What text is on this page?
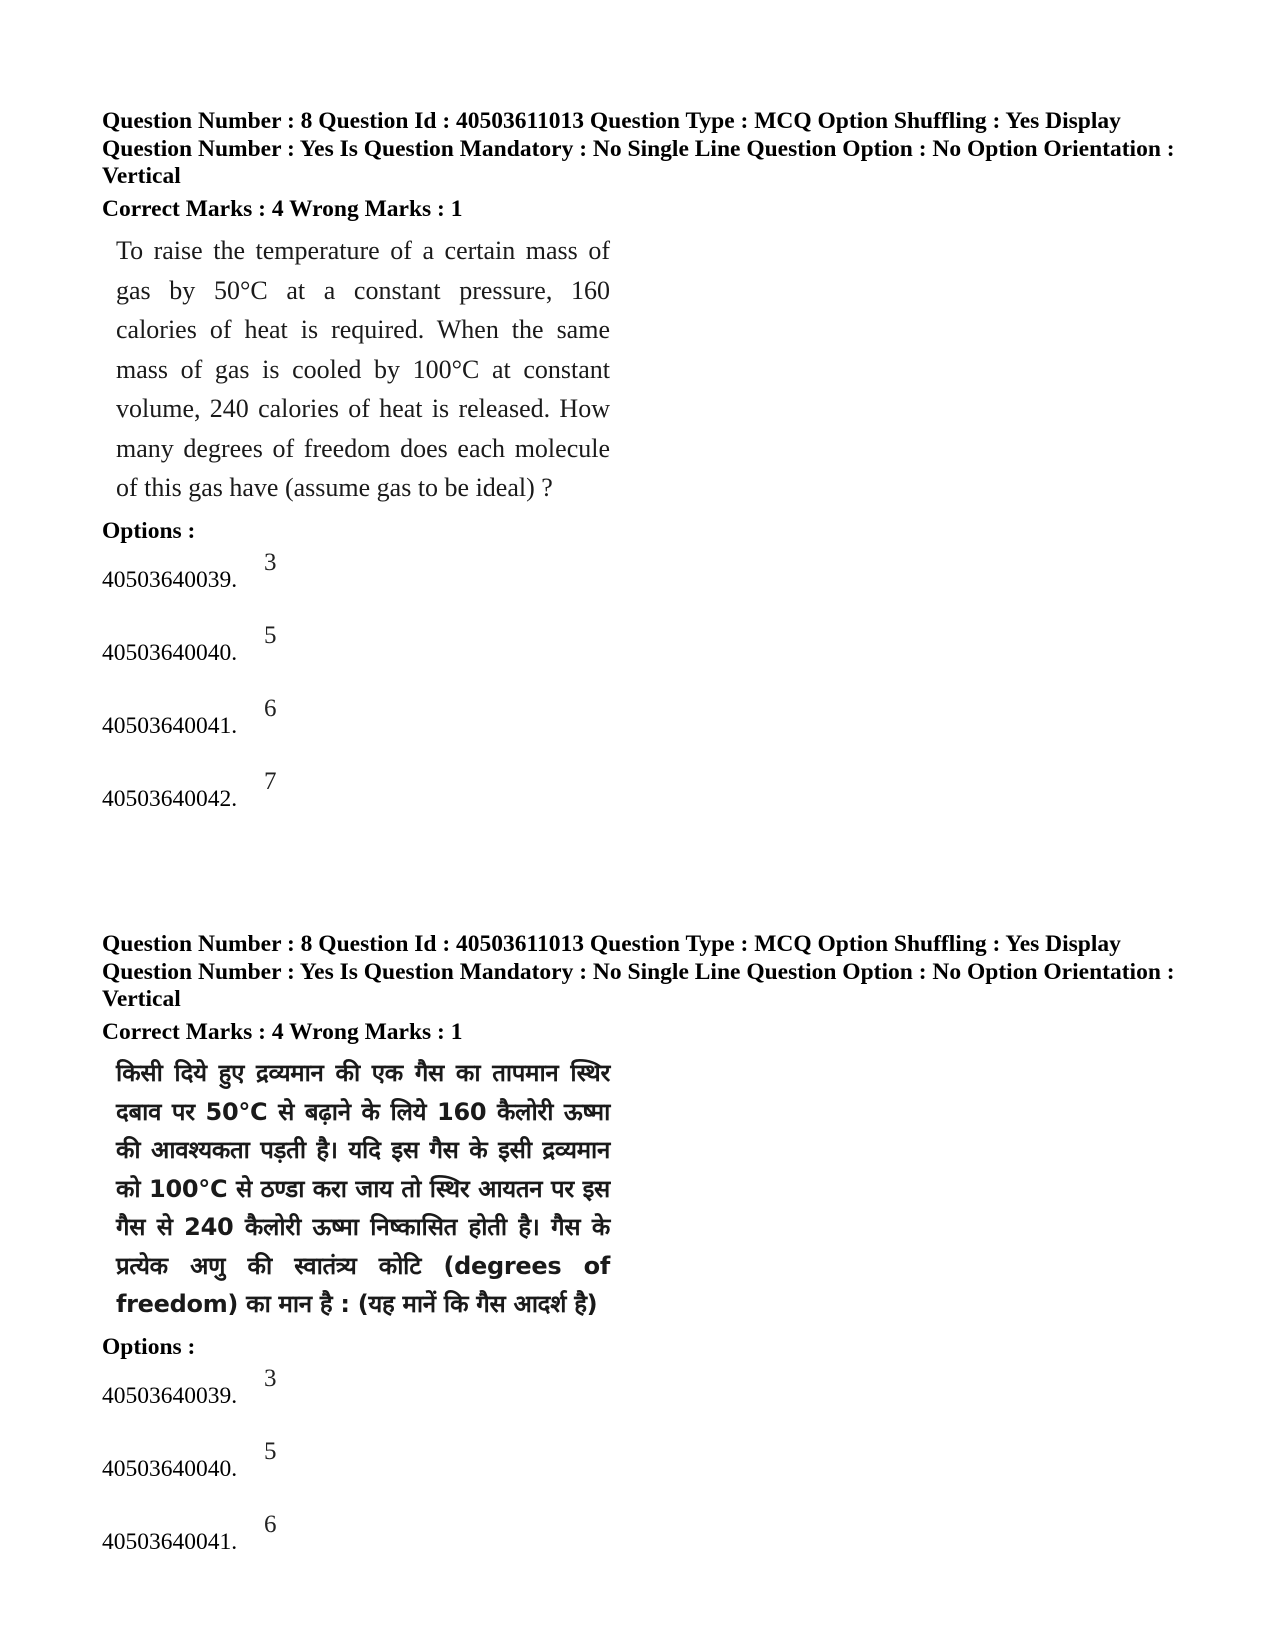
Question Number : 8 Question Id : 40503611013 Question Type : MCQ Option Shuffling : Yes Display Question Number : Yes Is Question Mandatory : No Single Line Question Option : No Option Orientation : Vertical

Correct Marks : 4 Wrong Marks : 1
To raise the temperature of a certain mass of gas by 50°C at a constant pressure, 160 calories of heat is required. When the same mass of gas is cooled by 100°C at constant volume, 240 calories of heat is released. How many degrees of freedom does each molecule of this gas have (assume gas to be ideal) ?
Options :
40503640039.
3
40503640040.
5
40503640041.
6
40503640042.
7

Question Number : 8 Question Id : 40503611013 Question Type : MCQ Option Shuffling : Yes Display Question Number : Yes Is Question Mandatory : No Single Line Question Option : No Option Orientation : Vertical

Correct Marks : 4 Wrong Marks : 1
किसी दिये हुए द्रव्यमान की एक गैस का तापमान स्थिर दबाव पर 50°C से बढ़ाने के लिये 160 कैलोरी ऊष्मा की आवश्यकता पड़ती है। यदि इस गैस के इसी द्रव्यमान को 100°C से ठण्डा करा जाय तो स्थिर आयतन पर इस गैस से 240 कैलोरी ऊष्मा निष्कासित होती है। गैस के प्रत्येक अणु की स्वातंत्र्य कोटि (degrees of freedom) का मान है : (यह मानें कि गैस आदर्श है)
Options :
40503640039.
3
40503640040.
5
40503640041.
6
